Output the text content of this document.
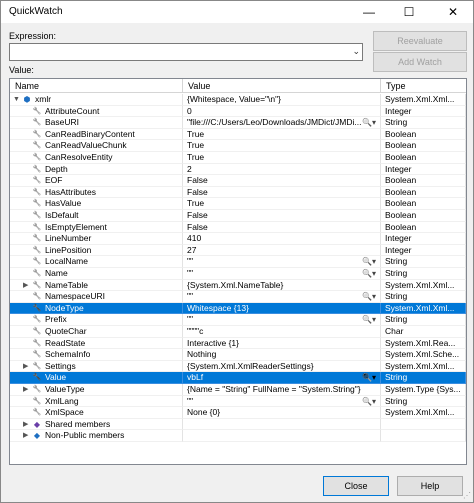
QuickWatch	—	☐	✕
Expression:
⌄
Reevaluate
Add Watch
Value:
Name	Value	Type
▼ ⬢ xmlr	{Whitespace, Value="\n"}	System.Xml.Xml...
🔧 AttributeCount	0	Integer
🔧 BaseURI	"file:///C:/Users/Leo/Downloads/JMDict/JMDi... 🔍▾	String
🔧 CanReadBinaryContent	True	Boolean
🔧 CanReadValueChunk	True	Boolean
🔧 CanResolveEntity	True	Boolean
🔧 Depth	2	Integer
🔧 EOF	False	Boolean
🔧 HasAttributes	False	Boolean
🔧 HasValue	True	Boolean
🔧 IsDefault	False	Boolean
🔧 IsEmptyElement	False	Boolean
🔧 LineNumber	410	Integer
🔧 LinePosition	27	Integer
🔧 LocalName	""	🔍▾	String
🔧 Name	""	🔍▾	String
▶ 🔧 NameTable	{System.Xml.NameTable}	System.Xml.Xml...
🔧 NamespaceURI	""	🔍▾	String
🔧 NodeType	Whitespace {13}	System.Xml.Xml...
🔧 Prefix	""	🔍▾	String
🔧 QuoteChar	""""c	Char
🔧 ReadState	Interactive {1}	System.Xml.Rea...
🔧 SchemaInfo	Nothing	System.Xml.Sche...
▶ 🔧 Settings	{System.Xml.XmlReaderSettings}	System.Xml.Xml...
🔧 Value	vbLf	🔍▾	String
▶ 🔧 ValueType	{Name = "String" FullName = "System.String"}	System.Type {Sys...
🔧 XmlLang	""	🔍▾	String
🔧 XmlSpace	None {0}	System.Xml.Xml...
▶ ◆ Shared members
▶ ◆ Non-Public members
Close	Help
⋰
